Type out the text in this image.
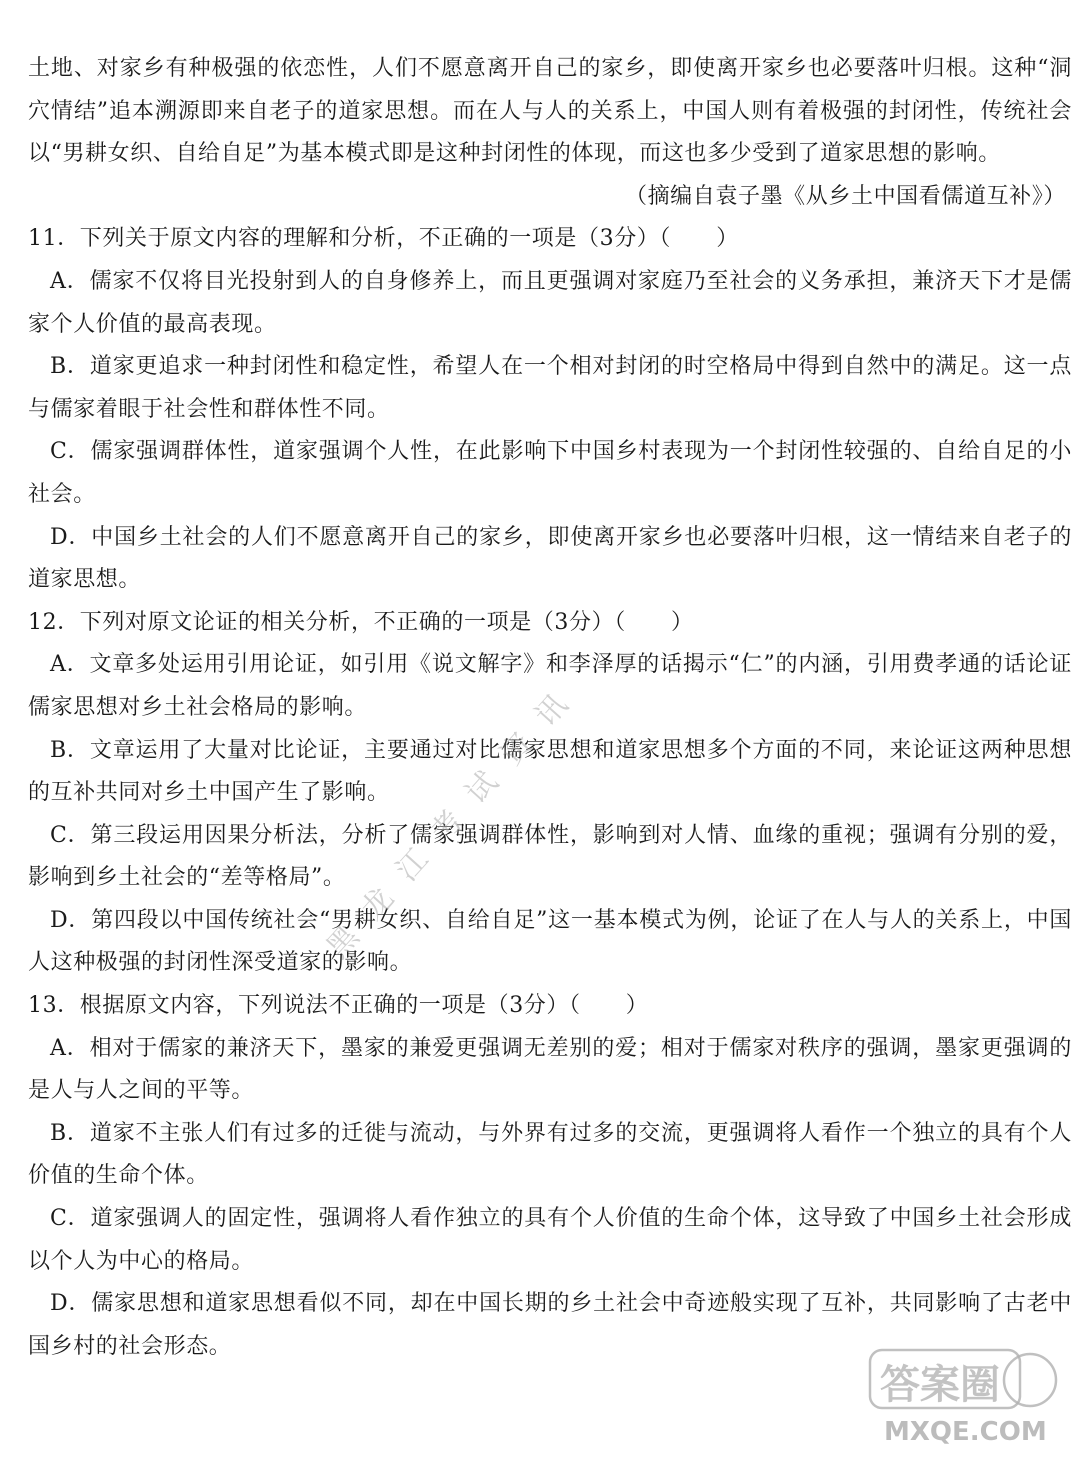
土地、对家乡有种极强的依恋性，人们不愿意离开自己的家乡，即使离开家乡也必要落叶归根。这种“洞穴情结”追本溯源即来自老子的道家思想。而在人与人的关系上，中国人则有着极强的封闭性，传统社会以“男耕女织、自给自足”为基本模式即是这种封闭性的体现，而这也多少受到了道家思想的影响。

（摘编自袁子墨《从乡土中国看儒道互补》）

11．下列关于原文内容的理解和分析，不正确的一项是（3分）（　　）

A．儒家不仅将目光投射到人的自身修养上，而且更强调对家庭乃至社会的义务承担，兼济天下才是儒家个人价值的最高表现。

B．道家更追求一种封闭性和稳定性，希望人在一个相对封闭的时空格局中得到自然中的满足。这一点与儒家着眼于社会性和群体性不同。

C．儒家强调群体性，道家强调个人性，在此影响下中国乡村表现为一个封闭性较强的、自给自足的小社会。

D．中国乡土社会的人们不愿意离开自己的家乡，即使离开家乡也必要落叶归根，这一情结来自老子的道家思想。

12．下列对原文论证的相关分析，不正确的一项是（3分）（　　）

A．文章多处运用引用论证，如引用《说文解字》和李泽厚的话揭示“仁”的内涵，引用费孝通的话论证儒家思想对乡土社会格局的影响。

B．文章运用了大量对比论证，主要通过对比儒家思想和道家思想多个方面的不同，来论证这两种思想的互补共同对乡土中国产生了影响。

C．第三段运用因果分析法，分析了儒家强调群体性，影响到对人情、血缘的重视；强调有分别的爱，影响到乡土社会的“差等格局”。

D．第四段以中国传统社会“男耕女织、自给自足”这一基本模式为例，论证了在人与人的关系上，中国人这种极强的封闭性深受道家的影响。

13．根据原文内容，下列说法不正确的一项是（3分）（　　）

A．相对于儒家的兼济天下，墨家的兼爱更强调无差别的爱；相对于儒家对秩序的强调，墨家更强调的是人与人之间的平等。

B．道家不主张人们有过多的迁徙与流动，与外界有过多的交流，更强调将人看作一个独立的具有个人价值的生命个体。

C．道家强调人的固定性，强调将人看作独立的具有个人价值的生命个体，这导致了中国乡土社会形成以个人为中心的格局。

D．儒家思想和道家思想看似不同，却在中国长期的乡土社会中奇迹般实现了互补，共同影响了古老中国乡村的社会形态。

黑龙江考试资讯
答案圈
MXQE.COM
